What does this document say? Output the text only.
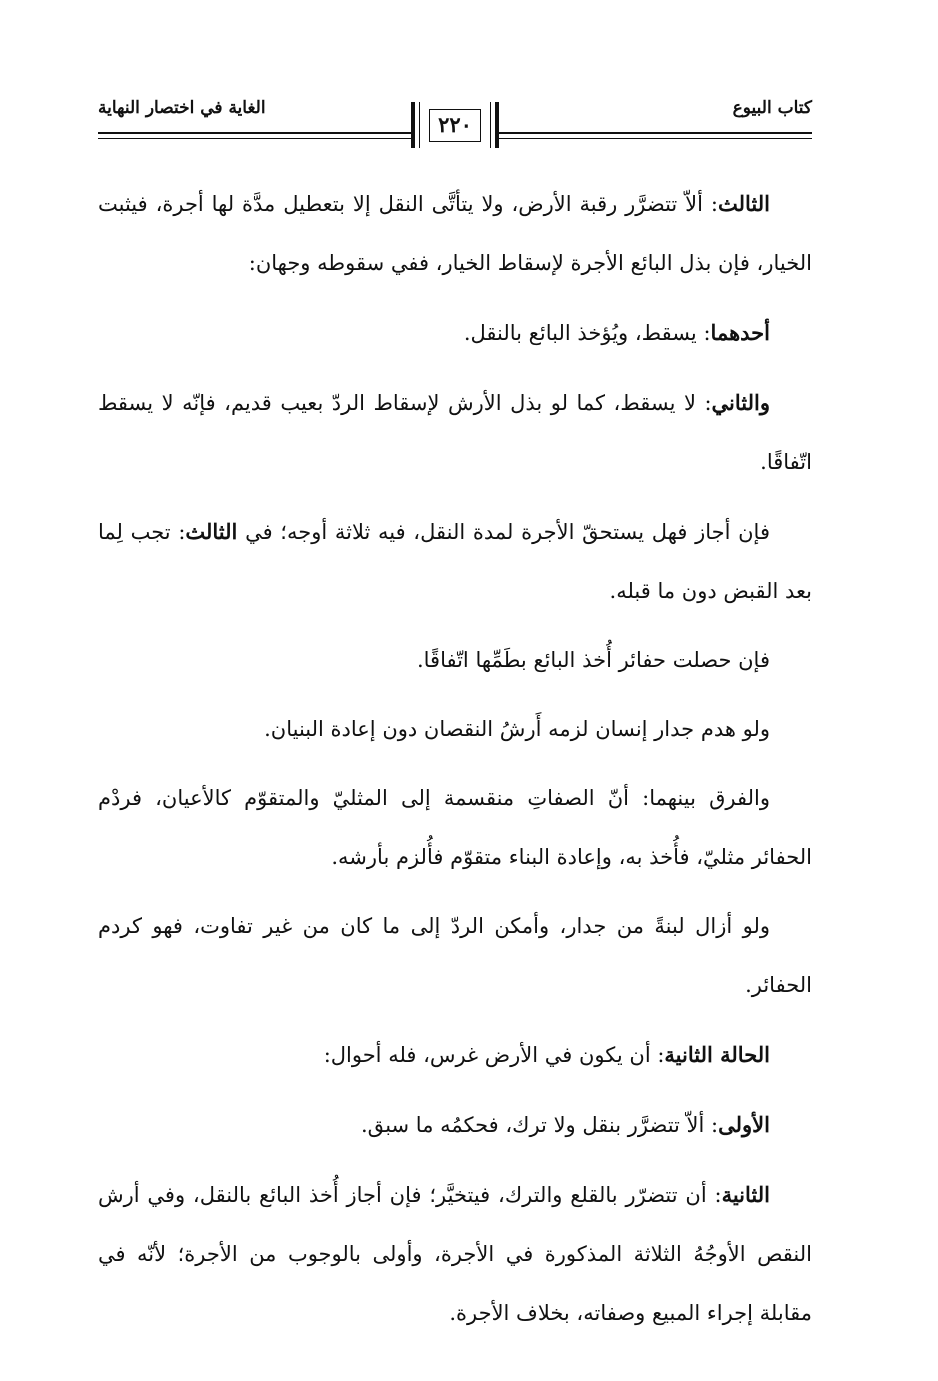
كتاب البيوع
الغاية في اختصار النهاية
٢٢٠

الثالث: ألاّ تتضرَّر رقبة الأرض، ولا يتأتَّى النقل إلا بتعطيل مدَّة لها أجرة، فيثبت الخيار، فإن بذل البائع الأجرة لإسقاط الخيار، ففي سقوطه وجهان:

أحدهما: يسقط، ويُؤخذ البائع بالنقل.

والثاني: لا يسقط، كما لو بذل الأرش لإسقاط الردّ بعيب قديم، فإنّه لا يسقط اتّفاقًا.

فإن أجاز فهل يستحقّ الأجرة لمدة النقل، فيه ثلاثة أوجه؛ في الثالث: تجب لِما بعد القبض دون ما قبله.

فإن حصلت حفائر أُخذ البائع بطَمِّها اتّفاقًا.

ولو هدم جدار إنسان لزمه أَرشُ النقصان دون إعادة البنيان.

والفرق بينهما: أنّ الصفاتِ منقسمة إلى المثليّ والمتقوّم كالأعيان، فردْم الحفائر مثليّ، فأُخذ به، وإعادة البناء متقوّم فأُلزم بأرشه.

ولو أزال لبنةً من جدار، وأمكن الردّ إلى ما كان من غير تفاوت، فهو كردم الحفائر.

الحالة الثانية: أن يكون في الأرض غرس، فله أحوال:

الأولى: ألاّ تتضرَّر بنقل ولا ترك، فحكمُه ما سبق.

الثانية: أن تتضرّر بالقلع والترك، فيتخيَّر؛ فإن أجاز أُخذ البائع بالنقل، وفي أرش النقص الأوجُهُ الثلاثة المذكورة في الأجرة، وأولى بالوجوب من الأجرة؛ لأنّه في مقابلة إجراء المبيع وصفاته، بخلاف الأجرة.
